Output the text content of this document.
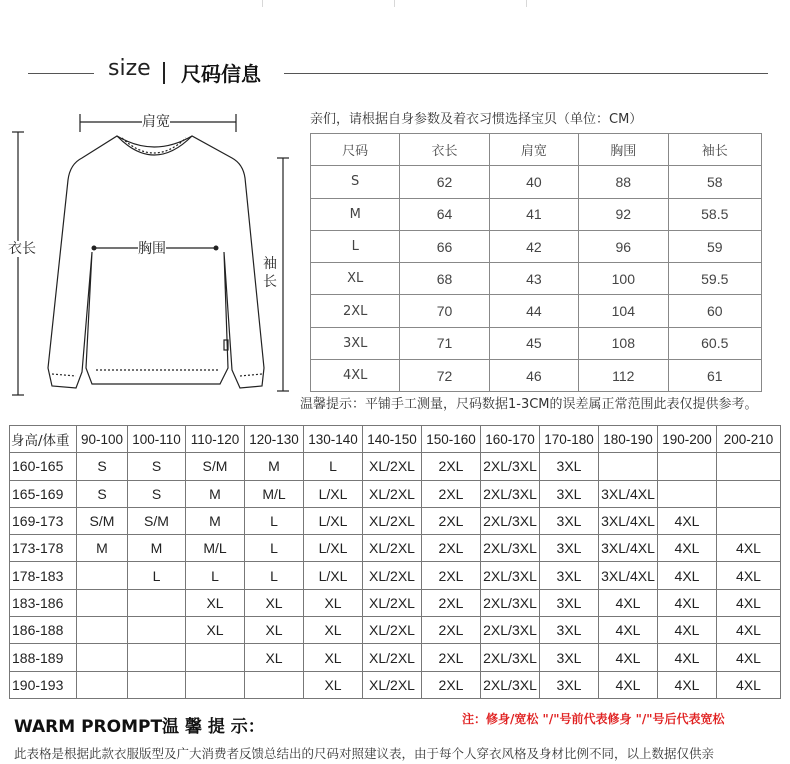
size 尺码信息
肩宽
衣长	胸围
袖
长
亲们，请根据自身参数及着衣习惯选择宝贝（单位：CM）
尺码	衣长	肩宽	胸围	袖长
S	62	40	88	58
M	64	41	92	58.5
L	66	42	96	59
XL	68	43	100	59.5
2XL	70	44	104	60
3XL	71	45	108	60.5
4XL	72	46	112	61
温馨提示：平铺手工测量，尺码数据1-3CM的误差属正常范围此表仅提供参考。
身高/体重	90-100	100-110	110-120	120-130	130-140	140-150	150-160	160-170	170-180	180-190	190-200	200-210
160-165	S	S	S/M	M	L	XL/2XL	2XL	2XL/3XL	3XL			
165-169	S	S	M	M/L	L/XL	XL/2XL	2XL	2XL/3XL	3XL	3XL/4XL		
169-173	S/M	S/M	M	L	L/XL	XL/2XL	2XL	2XL/3XL	3XL	3XL/4XL	4XL	
173-178	M	M	M/L	L	L/XL	XL/2XL	2XL	2XL/3XL	3XL	3XL/4XL	4XL	4XL
178-183		L	L	L	L/XL	XL/2XL	2XL	2XL/3XL	3XL	3XL/4XL	4XL	4XL
183-186			XL	XL	XL	XL/2XL	2XL	2XL/3XL	3XL	4XL	4XL	4XL
186-188			XL	XL	XL	XL/2XL	2XL	2XL/3XL	3XL	4XL	4XL	4XL
188-189				XL	XL	XL/2XL	2XL	2XL/3XL	3XL	4XL	4XL	4XL
190-193					XL	XL/2XL	2XL	2XL/3XL	3XL	4XL	4XL	4XL
WARM PROMPT温 馨 提 示：	注：修身/宽松 "/"号前代表修身 "/"号后代表宽松
此表格是根据此款衣服版型及广大消费者反馈总结出的尺码对照建议表，由于每个人穿衣风格及身材比例不同，以上数据仅供亲
